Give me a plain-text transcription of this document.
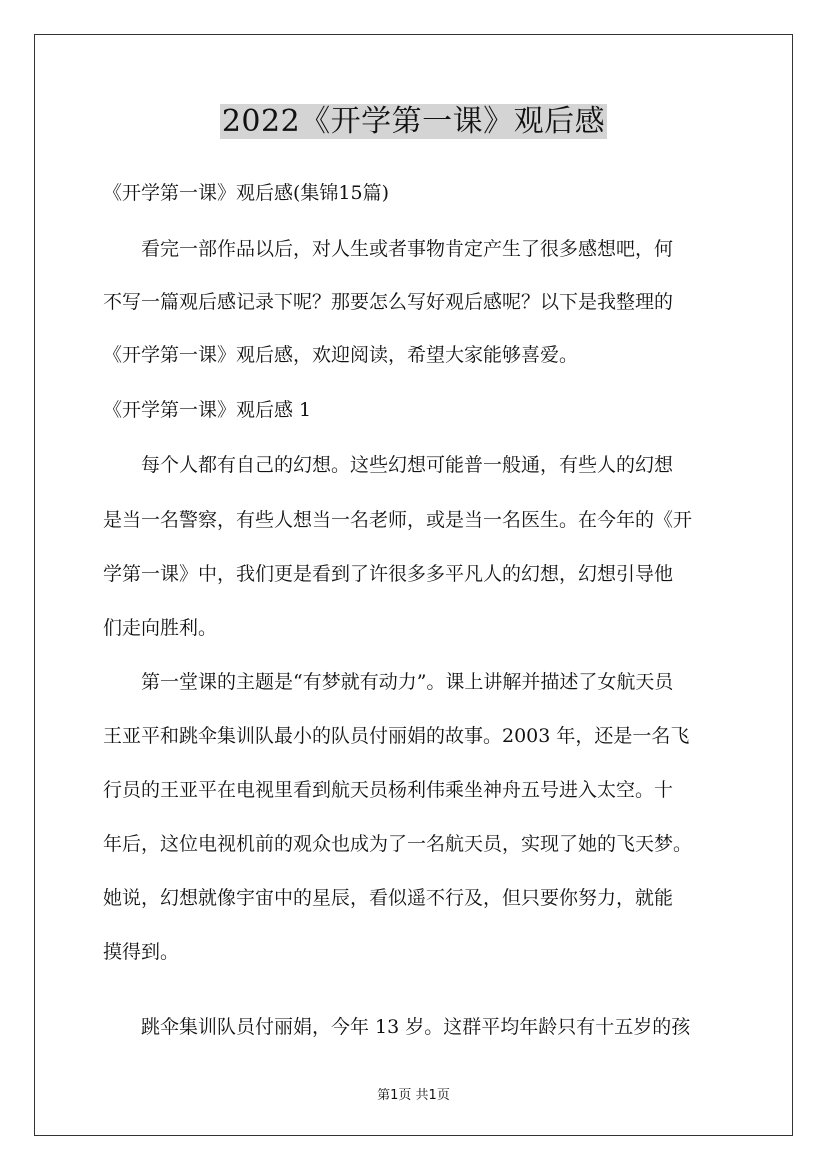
2022《开学第一课》观后感
《开学第一课》观后感(集锦15篇)
　　看完一部作品以后，对人生或者事物肯定产生了很多感想吧，何
不写一篇观后感记录下呢？那要怎么写好观后感呢？以下是我整理的
《开学第一课》观后感，欢迎阅读，希望大家能够喜爱。
《开学第一课》观后感 1
　　每个人都有自己的幻想。这些幻想可能普一般通，有些人的幻想
是当一名警察，有些人想当一名老师，或是当一名医生。在今年的《开
学第一课》中，我们更是看到了许很多多平凡人的幻想，幻想引导他
们走向胜利。
　　第一堂课的主题是“有梦就有动力”。课上讲解并描述了女航天员
王亚平和跳伞集训队最小的队员付丽娟的故事。2003 年，还是一名飞
行员的王亚平在电视里看到航天员杨利伟乘坐神舟五号进入太空。十
年后，这位电视机前的观众也成为了一名航天员，实现了她的飞天梦。
她说，幻想就像宇宙中的星辰，看似遥不行及，但只要你努力，就能
摸得到。
　　跳伞集训队员付丽娟，今年 13 岁。这群平均年龄只有十五岁的孩
第1页 共1页
